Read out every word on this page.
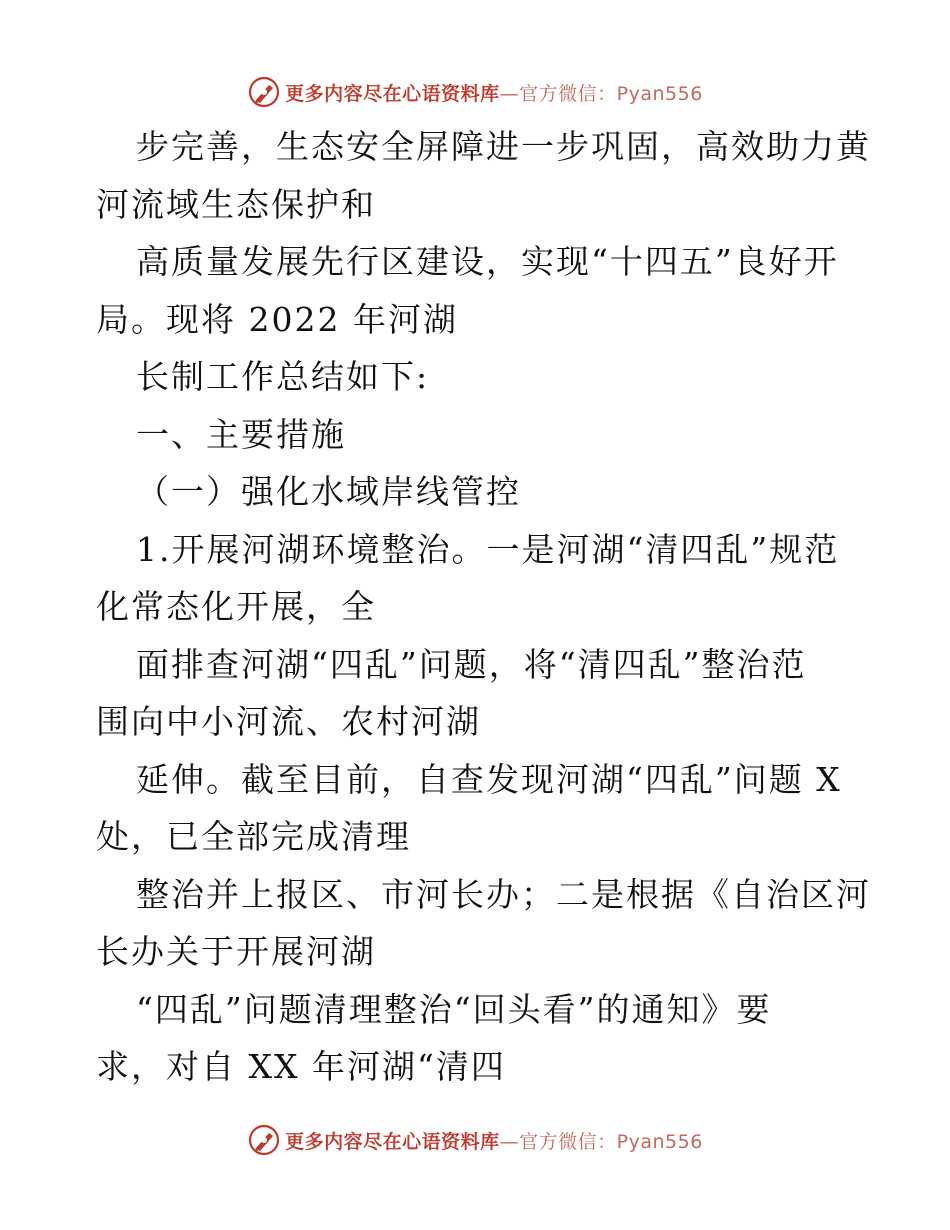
更多内容尽在心语资料库 —官方微信：Pyan556
步完善，生态安全屏障进一步巩固，高效助力黄
河流域生态保护和
高质量发展先行区建设，实现“十四五”良好开
局。现将 2022 年河湖
长制工作总结如下:
一、主要措施
（一）强化水域岸线管控
1.开展河湖环境整治。一是河湖“清四乱”规范
化常态化开展，全
面排查河湖“四乱”问题，将“清四乱”整治范
围向中小河流、农村河湖
延伸。截至目前，自查发现河湖“四乱”问题 X
处，已全部完成清理
整治并上报区、市河长办；二是根据《自治区河
长办关于开展河湖
“四乱”问题清理整治“回头看”的通知》要
求，对自 XX 年河湖“清四
更多内容尽在心语资料库 —官方微信：Pyan556
